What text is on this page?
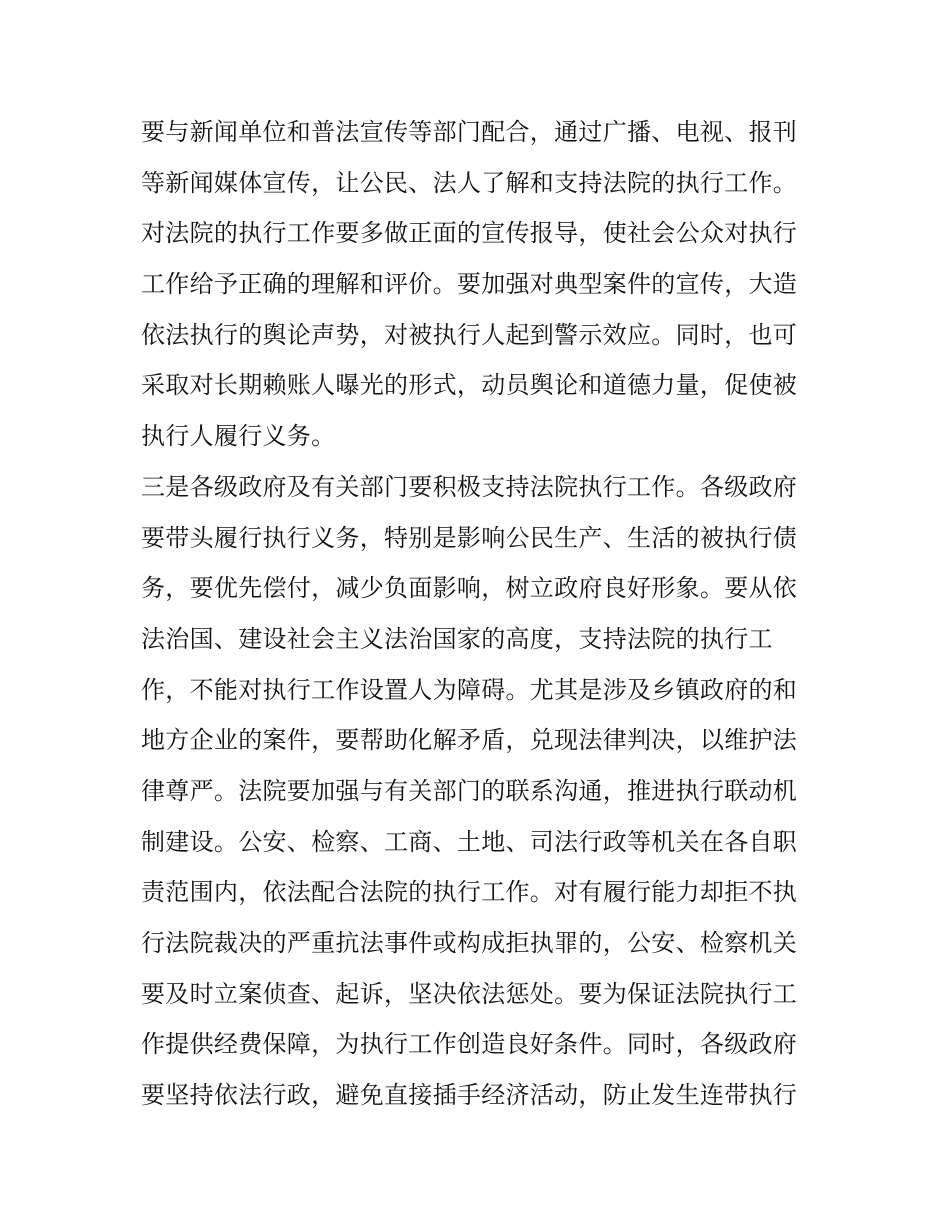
要与新闻单位和普法宣传等部门配合，通过广播、电视、报刊
等新闻媒体宣传，让公民、法人了解和支持法院的执行工作。
对法院的执行工作要多做正面的宣传报导，使社会公众对执行
工作给予正确的理解和评价。要加强对典型案件的宣传，大造
依法执行的舆论声势，对被执行人起到警示效应。同时，也可
采取对长期赖账人曝光的形式，动员舆论和道德力量，促使被
执行人履行义务。
三是各级政府及有关部门要积极支持法院执行工作。各级政府
要带头履行执行义务，特别是影响公民生产、生活的被执行债
务，要优先偿付，减少负面影响，树立政府良好形象。要从依
法治国、建设社会主义法治国家的高度，支持法院的执行工
作，不能对执行工作设置人为障碍。尤其是涉及乡镇政府的和
地方企业的案件，要帮助化解矛盾，兑现法律判决，以维护法
律尊严。法院要加强与有关部门的联系沟通，推进执行联动机
制建设。公安、检察、工商、土地、司法行政等机关在各自职
责范围内，依法配合法院的执行工作。对有履行能力却拒不执
行法院裁决的严重抗法事件或构成拒执罪的，公安、检察机关
要及时立案侦查、起诉，坚决依法惩处。要为保证法院执行工
作提供经费保障，为执行工作创造良好条件。同时，各级政府
要坚持依法行政，避免直接插手经济活动，防止发生连带执行
